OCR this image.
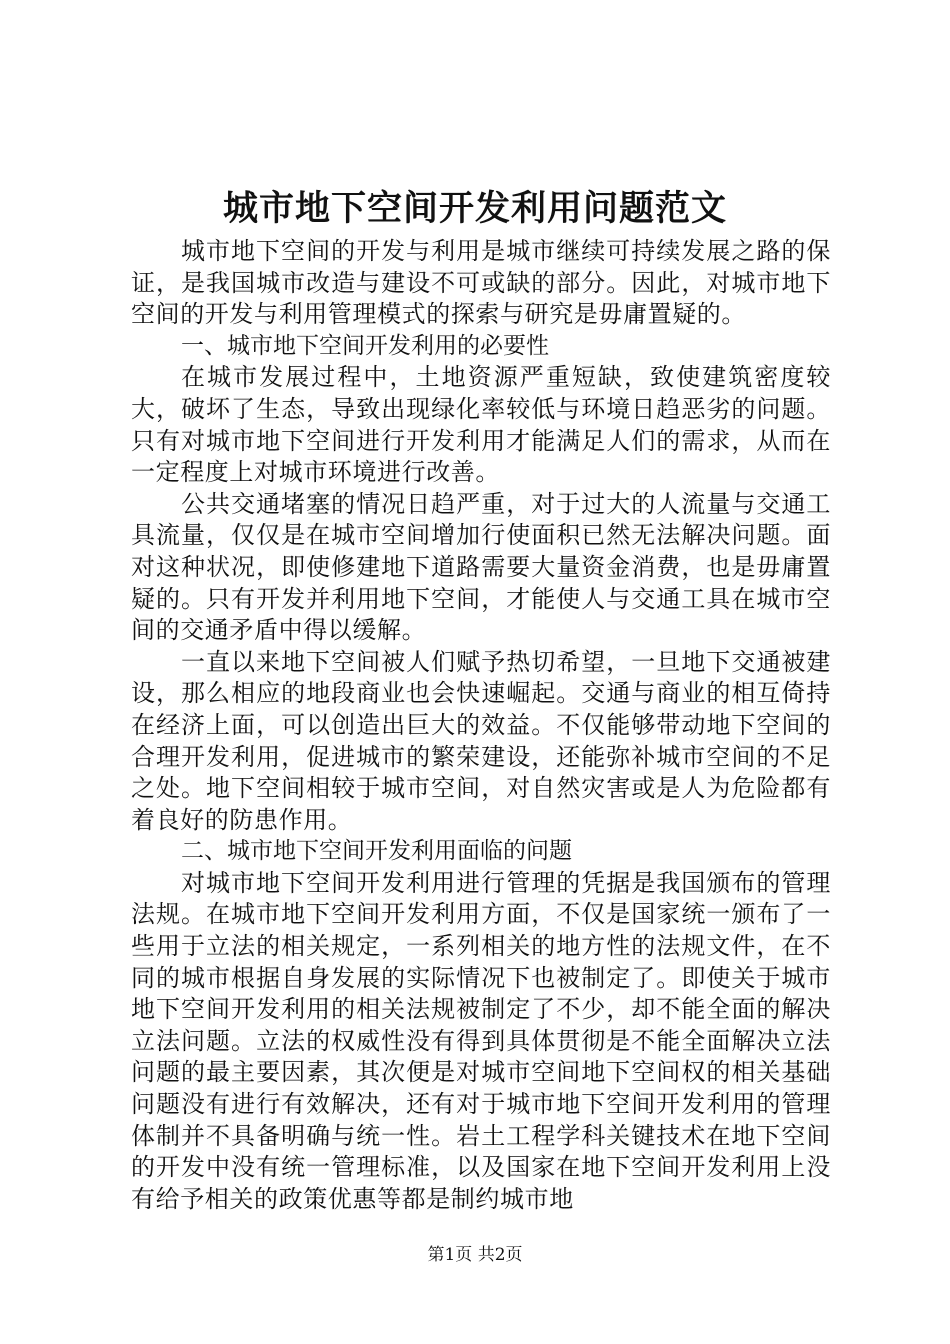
城市地下空间开发利用问题范文

城市地下空间的开发与利用是城市继续可持续发展之路的保证，是我国城市改造与建设不可或缺的部分。因此，对城市地下空间的开发与利用管理模式的探索与研究是毋庸置疑的。

一、城市地下空间开发利用的必要性

在城市发展过程中，土地资源严重短缺，致使建筑密度较大，破坏了生态，导致出现绿化率较低与环境日趋恶劣的问题。只有对城市地下空间进行开发利用才能满足人们的需求，从而在一定程度上对城市环境进行改善。

公共交通堵塞的情况日趋严重，对于过大的人流量与交通工具流量，仅仅是在城市空间增加行使面积已然无法解决问题。面对这种状况，即使修建地下道路需要大量资金消费，也是毋庸置疑的。只有开发并利用地下空间，才能使人与交通工具在城市空间的交通矛盾中得以缓解。

一直以来地下空间被人们赋予热切希望，一旦地下交通被建设，那么相应的地段商业也会快速崛起。交通与商业的相互倚持在经济上面，可以创造出巨大的效益。不仅能够带动地下空间的合理开发利用，促进城市的繁荣建设，还能弥补城市空间的不足之处。地下空间相较于城市空间，对自然灾害或是人为危险都有着良好的防患作用。

二、城市地下空间开发利用面临的问题

对城市地下空间开发利用进行管理的凭据是我国颁布的管理法规。在城市地下空间开发利用方面，不仅是国家统一颁布了一些用于立法的相关规定，一系列相关的地方性的法规文件，在不同的城市根据自身发展的实际情况下也被制定了。即使关于城市地下空间开发利用的相关法规被制定了不少，却不能全面的解决立法问题。立法的权威性没有得到具体贯彻是不能全面解决立法问题的最主要因素，其次便是对城市空间地下空间权的相关基础问题没有进行有效解决，还有对于城市地下空间开发利用的管理体制并不具备明确与统一性。岩土工程学科关键技术在地下空间的开发中没有统一管理标准，以及国家在地下空间开发利用上没有给予相关的政策优惠等都是制约城市地

第1页 共2页
